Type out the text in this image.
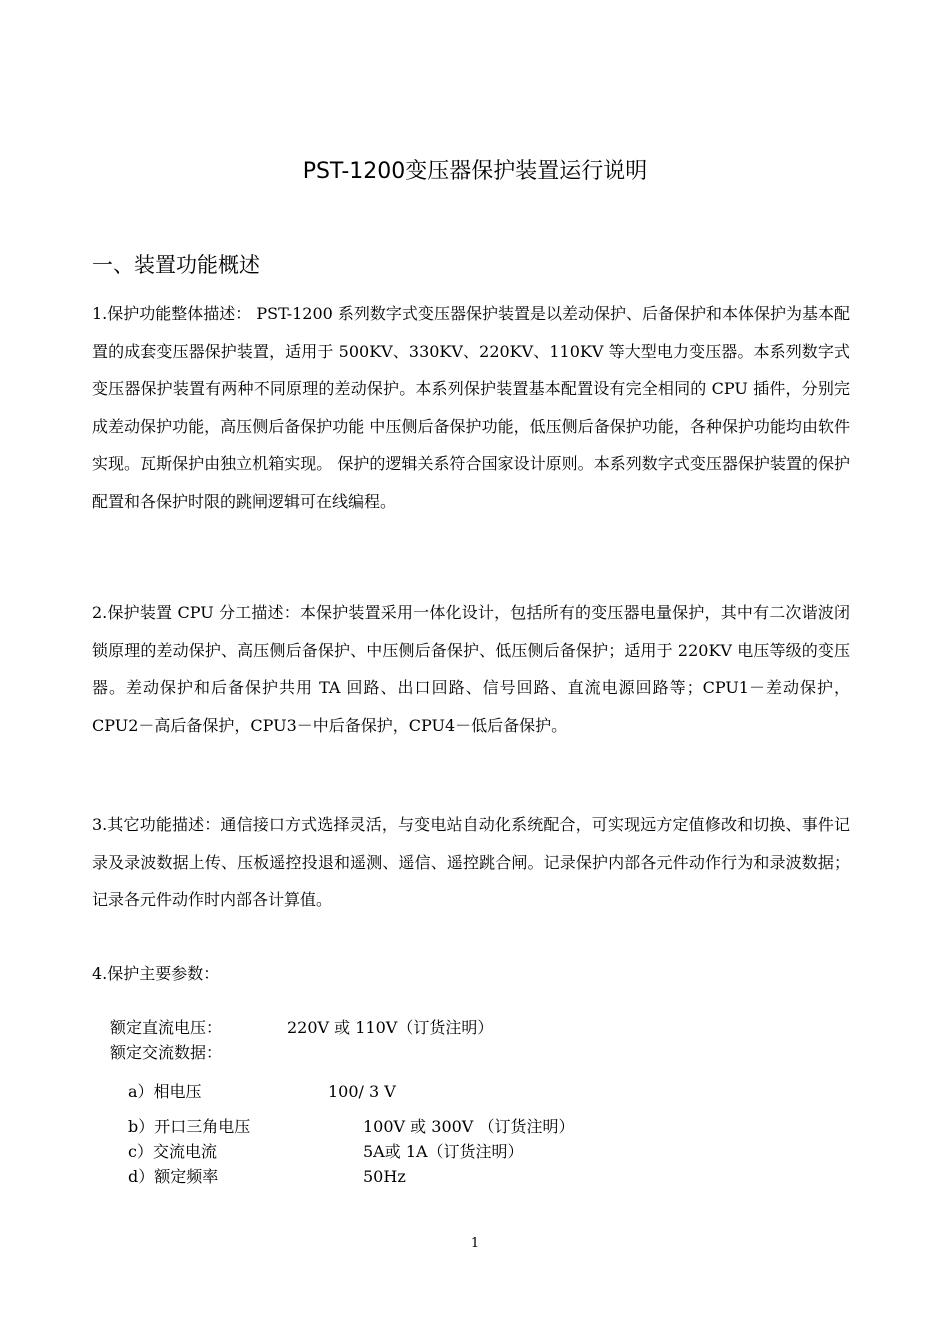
PST-1200变压器保护装置运行说明
一、装置功能概述

1.保护功能整体描述： PST-1200 系列数字式变压器保护装置是以差动保护、后备保护和本体保护为基本配置的成套变压器保护装置，适用于 500KV、330KV、220KV、110KV 等大型电力变压器。本系列数字式变压器保护装置有两种不同原理的差动保护。本系列保护装置基本配置设有完全相同的 CPU 插件，分别完成差动保护功能，高压侧后备保护功能 中压侧后备保护功能，低压侧后备保护功能，各种保护功能均由软件实现。瓦斯保护由独立机箱实现。 保护的逻辑关系符合国家设计原则。本系列数字式变压器保护装置的保护配置和各保护时限的跳闸逻辑可在线编程。

2.保护装置 CPU 分工描述：本保护装置采用一体化设计，包括所有的变压器电量保护，其中有二次谐波闭锁原理的差动保护、高压侧后备保护、中压侧后备保护、低压侧后备保护；适用于 220KV 电压等级的变压器。差动保护和后备保护共用 TA 回路、出口回路、信号回路、直流电源回路等；CPU1－差动保护，CPU2－高后备保护，CPU3－中后备保护，CPU4－低后备保护。

3.其它功能描述：通信接口方式选择灵活，与变电站自动化系统配合，可实现远方定值修改和切换、事件记录及录波数据上传、压板遥控投退和遥测、遥信、遥控跳合闸。记录保护内部各元件动作行为和录波数据；记录各元件动作时内部各计算值。

4.保护主要参数：

额定直流电压：	220V 或 110V（订货注明）
额定交流数据：
a）相电压	100/ 3 V
b）开口三角电压	100V 或 300V （订货注明）
c）交流电流	5A或 1A（订货注明）
d）额定频率	50Hz
1
